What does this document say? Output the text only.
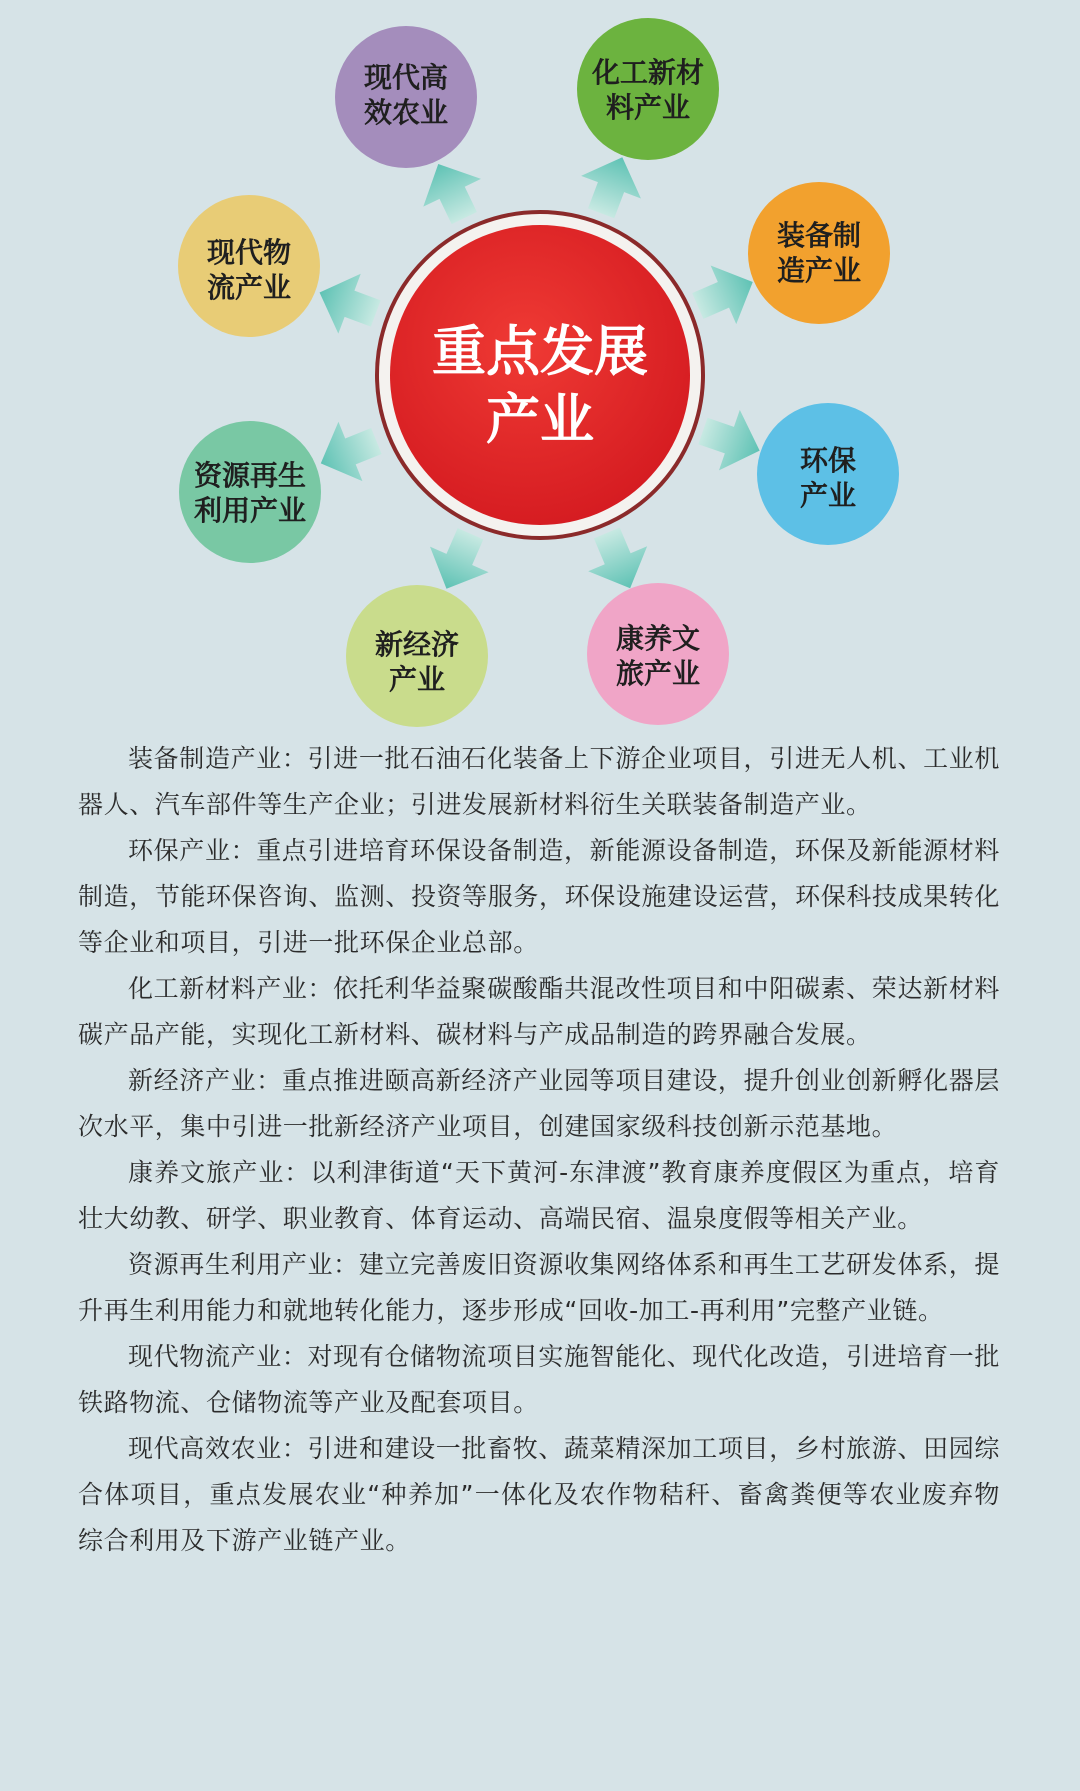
重点发展
产业
现代高
效农业
化工新材
料产业
装备制
造产业
环保
产业
康养文
旅产业
新经济
产业
资源再生
利用产业
现代物
流产业

装备制造产业：引进一批石油石化装备上下游企业项目，引进无人机、工业机器人、汽车部件等生产企业；引进发展新材料衍生关联装备制造产业。

环保产业：重点引进培育环保设备制造，新能源设备制造，环保及新能源材料制造，节能环保咨询、监测、投资等服务，环保设施建设运营，环保科技成果转化等企业和项目，引进一批环保企业总部。

化工新材料产业：依托利华益聚碳酸酯共混改性项目和中阳碳素、荣达新材料碳产品产能，实现化工新材料、碳材料与产成品制造的跨界融合发展。

新经济产业：重点推进颐高新经济产业园等项目建设，提升创业创新孵化器层次水平，集中引进一批新经济产业项目，创建国家级科技创新示范基地。

康养文旅产业：以利津街道“天下黄河-东津渡”教育康养度假区为重点，培育壮大幼教、研学、职业教育、体育运动、高端民宿、温泉度假等相关产业。

资源再生利用产业：建立完善废旧资源收集网络体系和再生工艺研发体系，提升再生利用能力和就地转化能力，逐步形成“回收-加工-再利用”完整产业链。

现代物流产业：对现有仓储物流项目实施智能化、现代化改造，引进培育一批铁路物流、仓储物流等产业及配套项目。

现代高效农业：引进和建设一批畜牧、蔬菜精深加工项目，乡村旅游、田园综合体项目，重点发展农业“种养加”一体化及农作物秸秆、畜禽粪便等农业废弃物综合利用及下游产业链产业。
